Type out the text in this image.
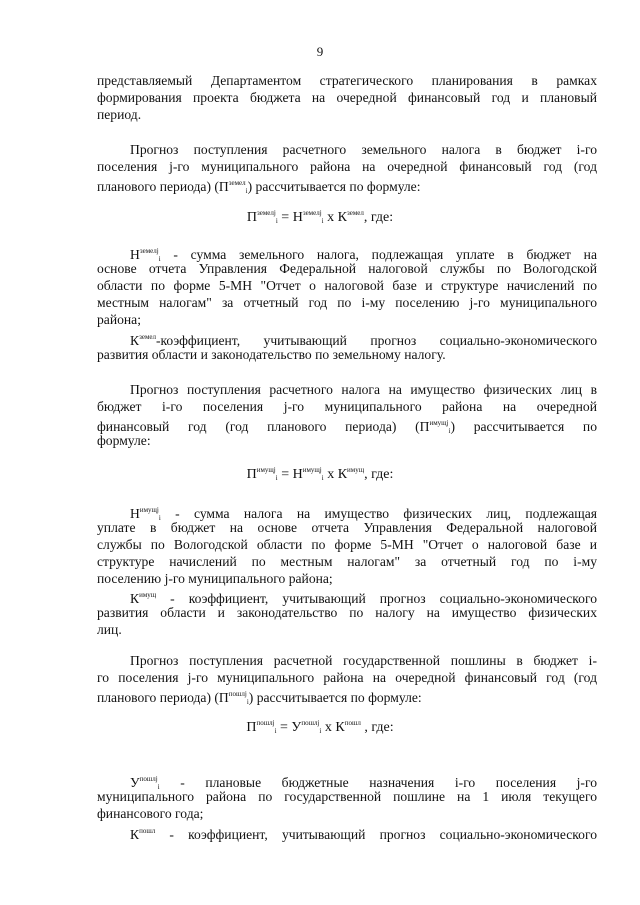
9
представляемый Департаментом стратегического планирования в рамках
формирования проекта бюджета на очередной финансовый год и плановый
период.
Прогноз поступления расчетного земельного налога в бюджет i-го
поселения j-го муниципального района на очередной финансовый год (год
планового периода) $(П^{земел}_i)$ рассчитывается по формуле:
$П^{земелj}_i = Н^{земелj}_i$ х $К^{земел}$, где:
$Н^{земелj}_i$ - сумма земельного налога, подлежащая уплате в бюджет на
основе отчета Управления Федеральной налоговой службы по Вологодской
области по форме 5-МН "Отчет о налоговой базе и структуре начислений по
местным налогам" за отчетный год по i-му поселению j-го муниципального
района;
$К^{земел}$-коэффициент, учитывающий прогноз социально-экономического
развития области и законодательство по земельному налогу.
Прогноз поступления расчетного налога на имущество физических лиц в
бюджет i-го поселения j-го муниципального района на очередной
финансовый год (год планового периода) $(П^{имущj}_i)$ рассчитывается по
формуле:
$П^{имущj}_i = Н^{имущj}_i$ х $К^{имущ}$, где:
$Н^{имущj}_i$ - сумма налога на имущество физических лиц, подлежащая
уплате в бюджет на основе отчета Управления Федеральной налоговой
службы по Вологодской области по форме 5-МН "Отчет о налоговой базе и
структуре начислений по местным налогам" за отчетный год по i-му
поселению j-го муниципального района;
$К^{имущ}$ - коэффициент, учитывающий прогноз социально-экономического
развития области и законодательство по налогу на имущество физических
лиц.
Прогноз поступления расчетной государственной пошлины в бюджет i-
го поселения j-го муниципального района на очередной финансовый год (год
планового периода) $(П^{пошлj}_i)$ рассчитывается по формуле:
$П^{пошлj}_i = У^{пошлj}_i$ х $К^{пошл}$ , где:
$У^{пошлj}_i$ - плановые бюджетные назначения i-го поселения j-го
муниципального района по государственной пошлине на 1 июля текущего
финансового года;
$К^{пошл}$ - коэффициент, учитывающий прогноз социально-экономического
